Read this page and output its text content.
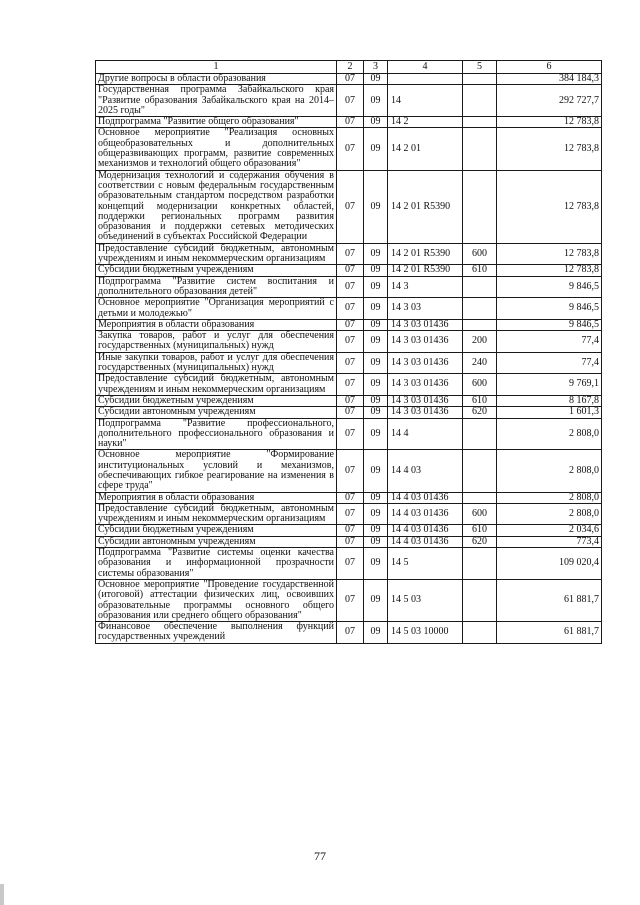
1	2	3	4	5	6
Другие вопросы в области образования	07	09			384 184,3
Государственная программа Забайкальского края "Развитие образования Забайкальского края на 2014–2025 годы"	07	09	14		292 727,7
Подпрограмма "Развитие общего образования"	07	09	14 2		12 783,8
Основное мероприятие "Реализация основных общеобразовательных и дополнительных общеразвивающих программ, развитие современных механизмов и технологий общего образования"	07	09	14 2 01		12 783,8
Модернизация технологий и содержания обучения в соответствии с новым федеральным государственным образовательным стандартом посредством разработки концепций модернизации конкретных областей, поддержки региональных программ развития образования и поддержки сетевых методических объединений в субъектах Российской Федерации	07	09	14 2 01 R5390		12 783,8
Предоставление субсидий бюджетным, автономным учреждениям и иным некоммерческим организациям	07	09	14 2 01 R5390	600	12 783,8
Субсидии бюджетным учреждениям	07	09	14 2 01 R5390	610	12 783,8
Подпрограмма "Развитие систем воспитания и дополнительного образования детей"	07	09	14 3		9 846,5
Основное мероприятие "Организация мероприятий с детьми и молодежью"	07	09	14 3 03		9 846,5
Мероприятия в области образования	07	09	14 3 03 01436		9 846,5
Закупка товаров, работ и услуг для обеспечения государственных (муниципальных) нужд	07	09	14 3 03 01436	200	77,4
Иные закупки товаров, работ и услуг для обеспечения государственных (муниципальных) нужд	07	09	14 3 03 01436	240	77,4
Предоставление субсидий бюджетным, автономным учреждениям и иным некоммерческим организациям	07	09	14 3 03 01436	600	9 769,1
Субсидии бюджетным учреждениям	07	09	14 3 03 01436	610	8 167,8
Субсидии автономным учреждениям	07	09	14 3 03 01436	620	1 601,3
Подпрограмма "Развитие профессионального, дополнительного профессионального образования и науки"	07	09	14 4		2 808,0
Основное мероприятие "Формирование институциональных условий и механизмов, обеспечивающих гибкое реагирование на изменения в сфере труда"	07	09	14 4 03		2 808,0
Мероприятия в области образования	07	09	14 4 03 01436		2 808,0
Предоставление субсидий бюджетным, автономным учреждениям и иным некоммерческим организациям	07	09	14 4 03 01436	600	2 808,0
Субсидии бюджетным учреждениям	07	09	14 4 03 01436	610	2 034,6
Субсидии автономным учреждениям	07	09	14 4 03 01436	620	773,4
Подпрограмма "Развитие системы оценки качества образования и информационной прозрачности системы образования"	07	09	14 5		109 020,4
Основное мероприятие "Проведение государственной (итоговой) аттестации физических лиц, освоивших образовательные программы основного общего образования или среднего общего образования"	07	09	14 5 03		61 881,7
Финансовое обеспечение выполнения функций государственных учреждений	07	09	14 5 03 10000		61 881,7
77
